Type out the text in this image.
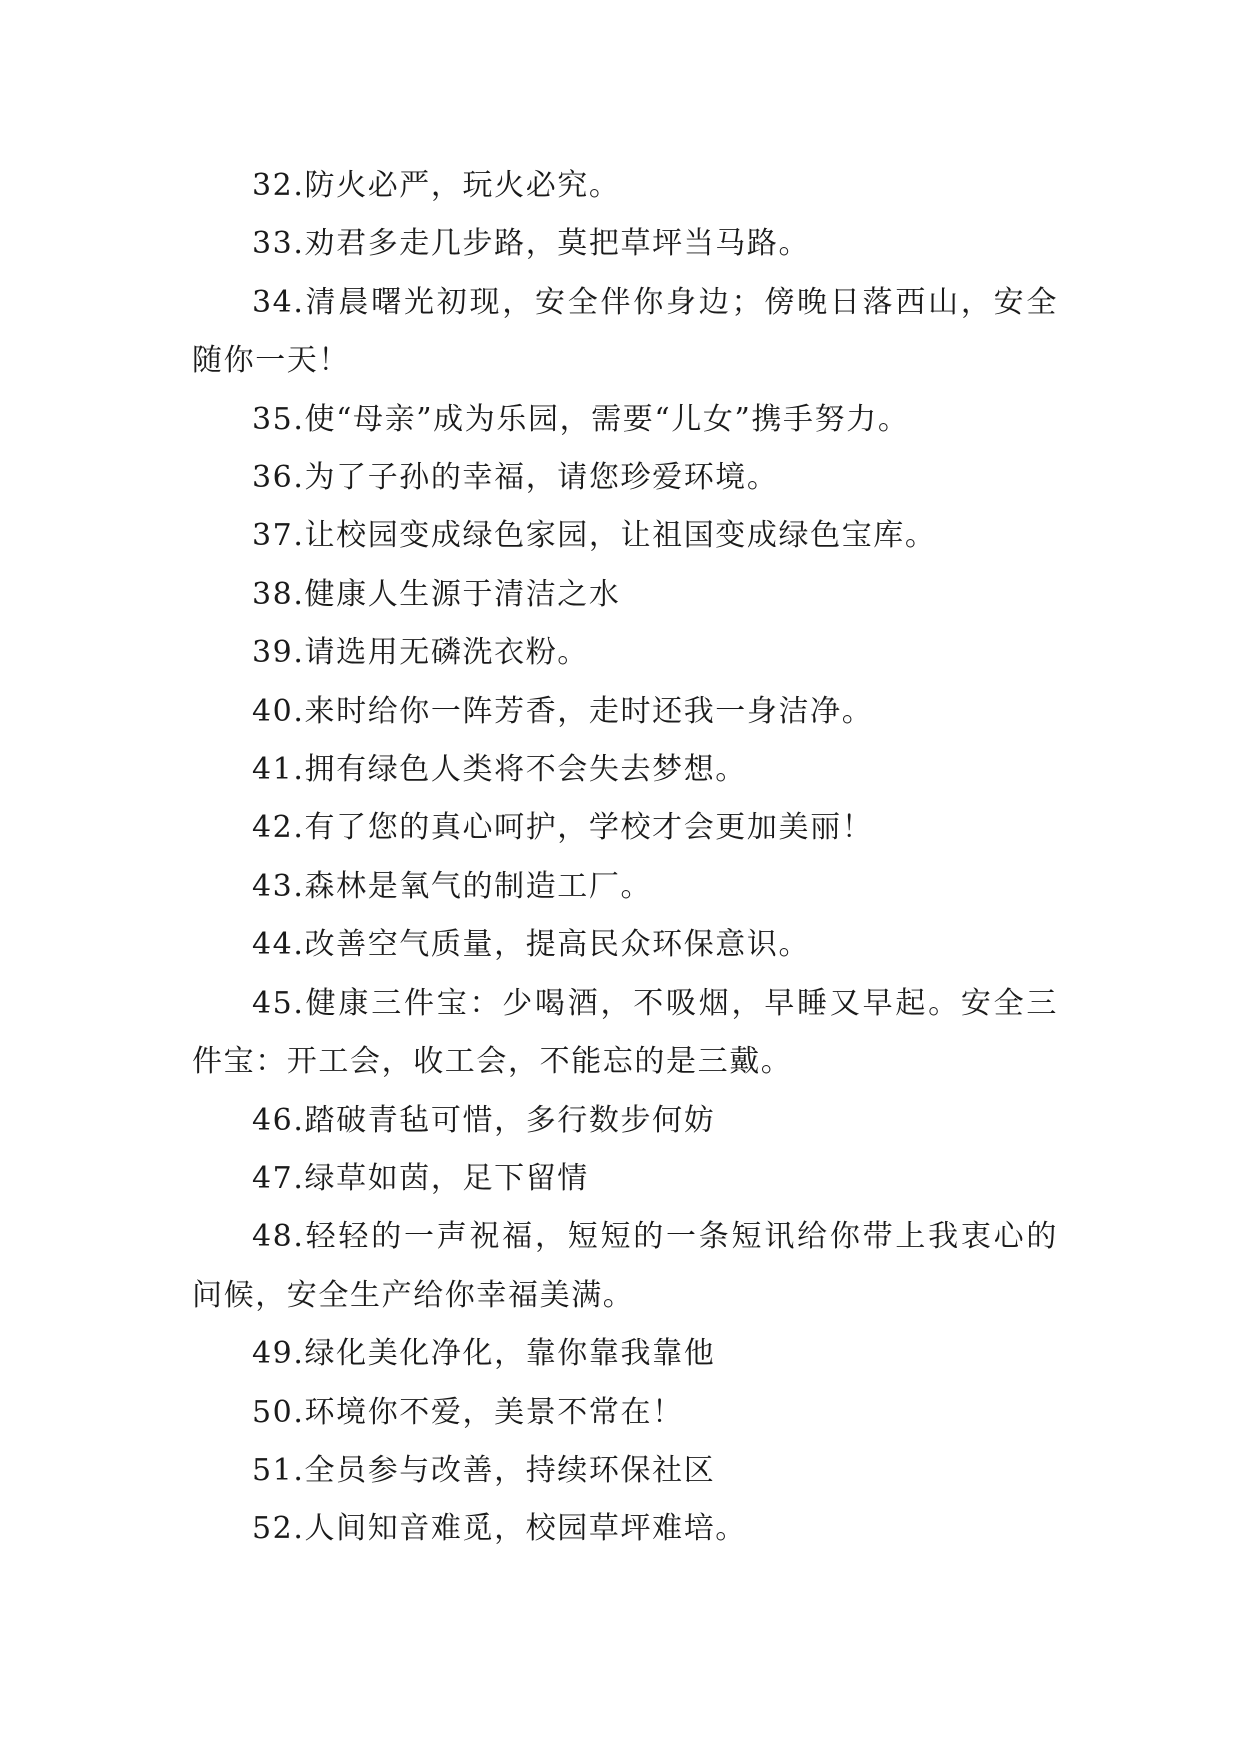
32.防火必严，玩火必究。

33.劝君多走几步路，莫把草坪当马路。

34.清晨曙光初现，安全伴你身边；傍晚日落西山，安全随你一天！

35.使“母亲”成为乐园，需要“儿女”携手努力。

36.为了子孙的幸福，请您珍爱环境。

37.让校园变成绿色家园，让祖国变成绿色宝库。

38.健康人生源于清洁之水

39.请选用无磷洗衣粉。

40.来时给你一阵芳香，走时还我一身洁净。

41.拥有绿色人类将不会失去梦想。

42.有了您的真心呵护，学校才会更加美丽！

43.森林是氧气的制造工厂。

44.改善空气质量，提高民众环保意识。

45.健康三件宝：少喝酒，不吸烟，早睡又早起。安全三件宝：开工会，收工会，不能忘的是三戴。

46.踏破青毡可惜，多行数步何妨

47.绿草如茵，足下留情

48.轻轻的一声祝福，短短的一条短讯给你带上我衷心的问候，安全生产给你幸福美满。

49.绿化美化净化，靠你靠我靠他

50.环境你不爱，美景不常在！

51.全员参与改善，持续环保社区

52.人间知音难觅，校园草坪难培。
